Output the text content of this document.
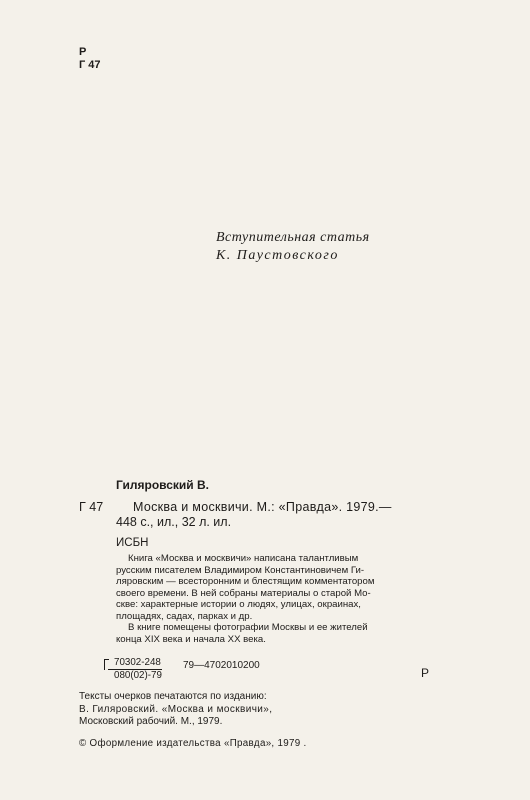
Р
Г 47
Вступительная статья
К. Паустовского
Гиляровский В.
Г 47 Москва и москвичи. М.: «Правда». 1979.—
448 с., ил., 32 л. ил.
ИСБН
Книга «Москва и москвичи» написана талантливым
русским писателем Владимиром Константиновичем Ги-
ляровским — всесторонним и блестящим комментатором
своего времени. В ней собраны материалы о старой Мо-
скве: характерные истории о людях, улицах, окраинах,
площадях, садах, парках и др.
В книге помещены фотографии Москвы и ее жителей
конца XIX века и начала XX века.
$\frac{70302-248}{080(02)-79}$ 79—4702010200
Р
Тексты очерков печатаются по изданию:
В. Гиляровский. «Москва и москвичи»,
Московский рабочий. М., 1979.
© Оформление издательства «Правда», 1979 .
